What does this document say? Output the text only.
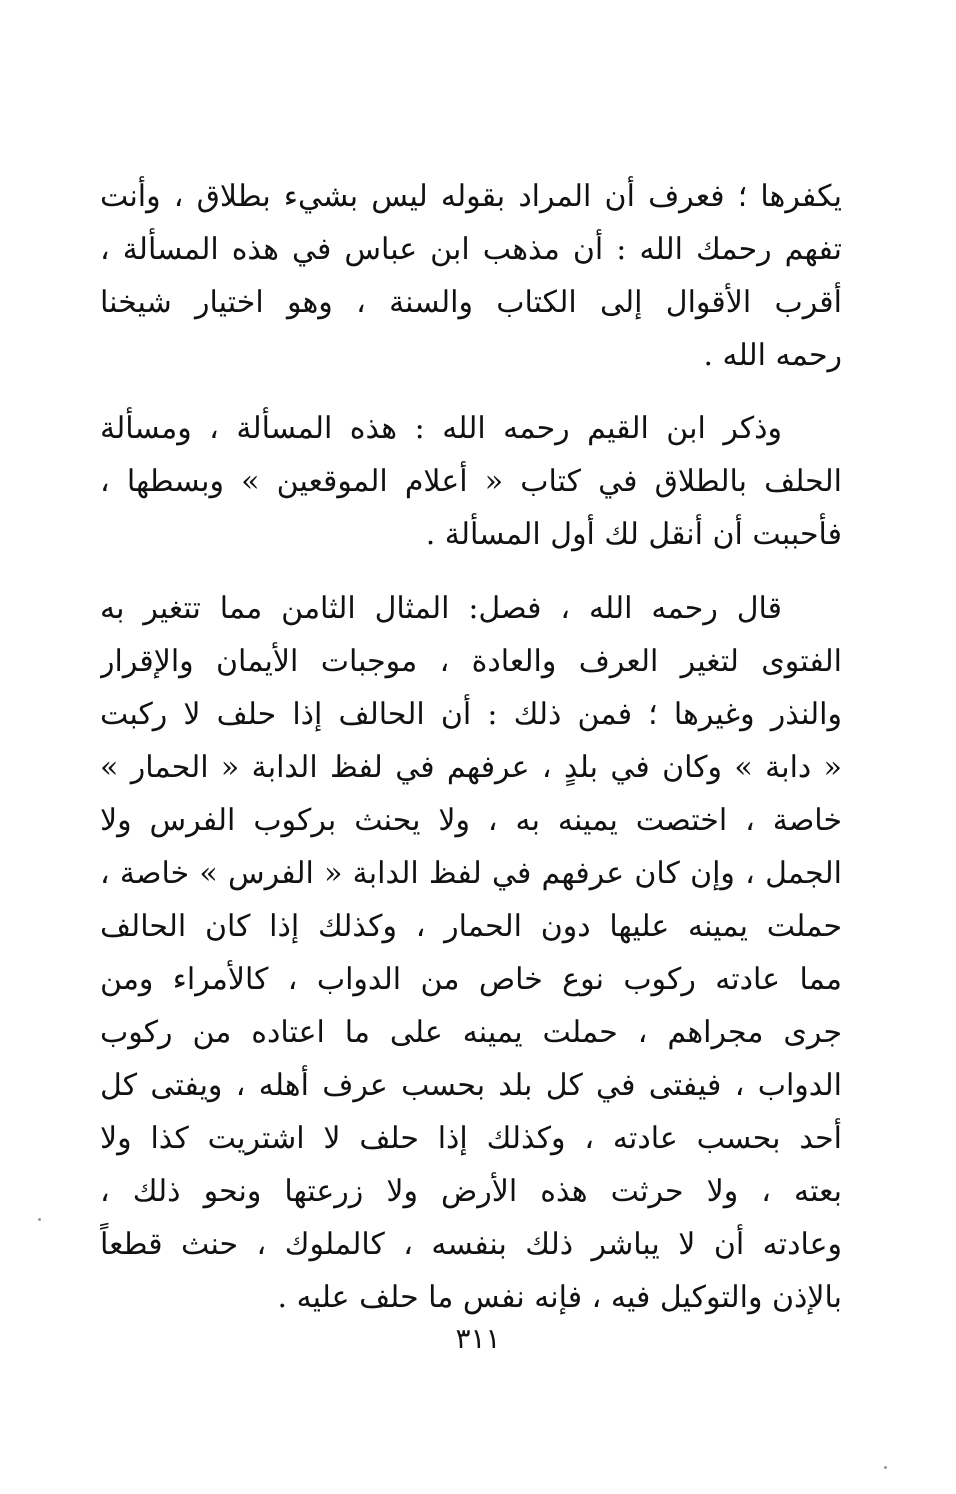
يكفرها ؛ فعرف أن المراد بقوله ليس بشيء بطلاق ، وأنت
تفهم رحمك الله : أن مذهب ابن عباس في هذه المسألة ،
أقرب الأقوال إلى الكتاب والسنة ، وهو اختيار شيخنا
رحمه الله .
وذكر ابن القيم رحمه الله : هذه المسألة ، ومسألة
الحلف بالطلاق في كتاب « أعلام الموقعين » وبسطها ،
فأحببت أن أنقل لك أول المسألة .
قال رحمه الله ، فصل: المثال الثامن مما تتغير به
الفتوى لتغير العرف والعادة ، موجبات الأيمان والإقرار
والنذر وغيرها ؛ فمن ذلك : أن الحالف إذا حلف لا ركبت
« دابة » وكان في بلدٍ ، عرفهم في لفظ الدابة « الحمار »
خاصة ، اختصت يمينه به ، ولا يحنث بركوب الفرس ولا
الجمل ، وإن كان عرفهم في لفظ الدابة « الفرس » خاصة ،
حملت يمينه عليها دون الحمار ، وكذلك إذا كان الحالف
مما عادته ركوب نوع خاص من الدواب ، كالأمراء ومن
جرى مجراهم ، حملت يمينه على ما اعتاده من ركوب
الدواب ، فيفتى في كل بلد بحسب عرف أهله ، ويفتى كل
أحد بحسب عادته ، وكذلك إذا حلف لا اشتريت كذا ولا
بعته ، ولا حرثت هذه الأرض ولا زرعتها ونحو ذلك ،
وعادته أن لا يباشر ذلك بنفسه ، كالملوك ، حنث قطعاً
بالإذن والتوكيل فيه ، فإنه نفس ما حلف عليه .
٣١١
